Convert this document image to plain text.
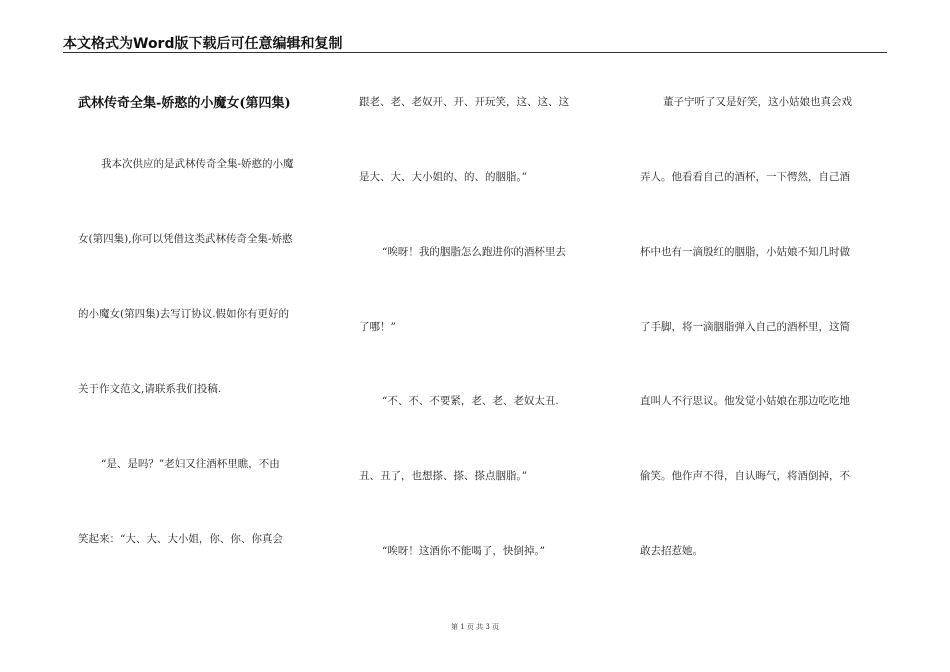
本文格式为Word版下载后可任意编辑和复制
武林传奇全集-娇憨的小魔女(第四集)
我本次供应的是武林传奇全集-娇憨的小魔
女(第四集),你可以凭借这类武林传奇全集-娇憨
的小魔女(第四集)去写订协议.假如你有更好的
关于作文范文,请联系我们投稿.
“是、是吗？”老妇又往酒杯里瞧，不由
笑起来：“大、大、大小姐，你、你、你真会
跟老、老、老奴开、开、开玩笑，这、这、这
是大、大、大小姐的、的、的胭脂。”
“唉呀！我的胭脂怎么跑进你的酒杯里去
了哪！”
“不、不、不要紧，老、老、老奴太丑.
丑、丑了，也想搽、搽、搽点胭脂。”
“唉呀！这酒你不能喝了，快倒掉。”
董子宁听了又是好笑，这小姑娘也真会戏
弄人。他看看自己的酒杯，一下愕然，自己酒
杯中也有一滴殷红的胭脂，小姑娘不知几时做
了手脚，将一滴胭脂弹入自己的酒杯里，这简
直叫人不行思议。他发觉小姑娘在那边吃吃地
偷笑。他作声不得，自认晦气，将酒倒掉，不
敢去招惹她。
第 1 页 共 3 页
